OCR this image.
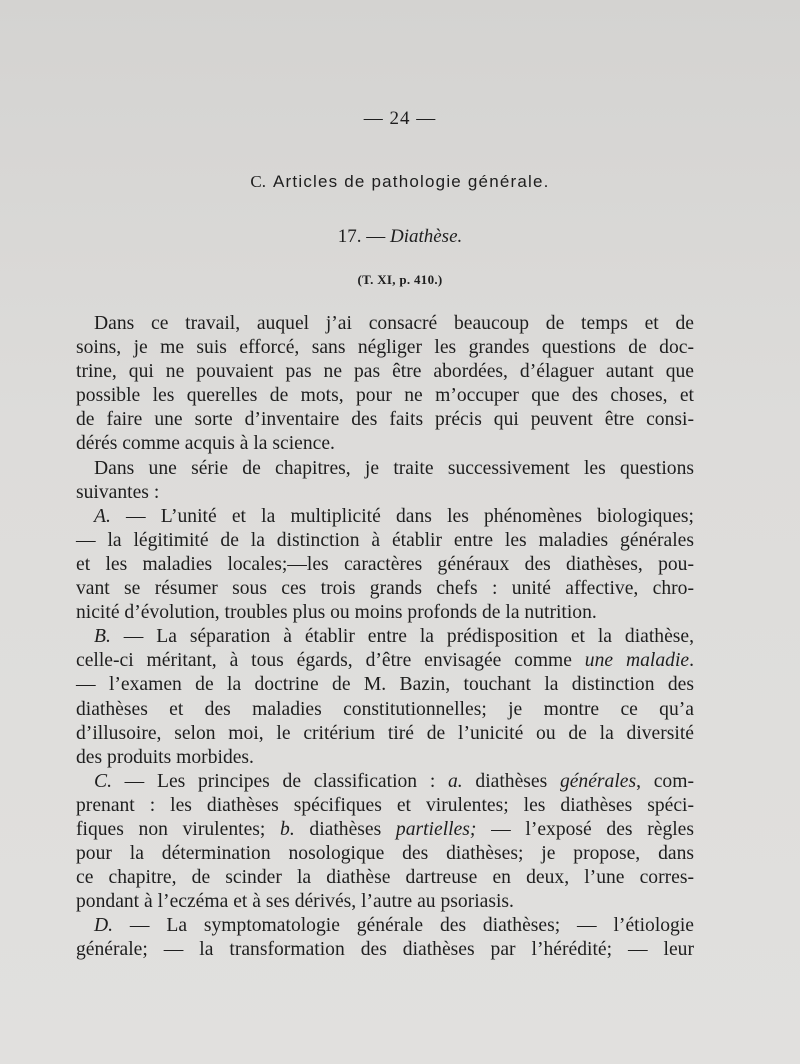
— 24 —
C. Articles de pathologie générale.
17. — Diathèse.
(T. XI, p. 410.)
Dans ce travail, auquel j’ai consacré beaucoup de temps et de
soins, je me suis efforcé, sans négliger les grandes questions de doc-
trine, qui ne pouvaient pas ne pas être abordées, d’élaguer autant que
possible les querelles de mots, pour ne m’occuper que des choses, et
de faire une sorte d’inventaire des faits précis qui peuvent être consi-
dérés comme acquis à la science.
Dans une série de chapitres, je traite successivement les questions
suivantes :
A. — L’unité et la multiplicité dans les phénomènes biologiques;
— la légitimité de la distinction à établir entre les maladies générales
et les maladies locales;—les caractères généraux des diathèses, pou-
vant se résumer sous ces trois grands chefs : unité affective, chro-
nicité d’évolution, troubles plus ou moins profonds de la nutrition.
B. — La séparation à établir entre la prédisposition et la diathèse,
celle-ci méritant, à tous égards, d’être envisagée comme une maladie.
— l’examen de la doctrine de M. Bazin, touchant la distinction des
diathèses et des maladies constitutionnelles; je montre ce qu’a
d’illusoire, selon moi, le critérium tiré de l’unicité ou de la diversité
des produits morbides.
C. — Les principes de classification : a. diathèses générales, com-
prenant : les diathèses spécifiques et virulentes; les diathèses spéci-
fiques non virulentes; b. diathèses partielles; — l’exposé des règles
pour la détermination nosologique des diathèses; je propose, dans
ce chapitre, de scinder la diathèse dartreuse en deux, l’une corres-
pondant à l’eczéma et à ses dérivés, l’autre au psoriasis.
D. — La symptomatologie générale des diathèses; — l’étiologie
générale; — la transformation des diathèses par l’hérédité; — leur
